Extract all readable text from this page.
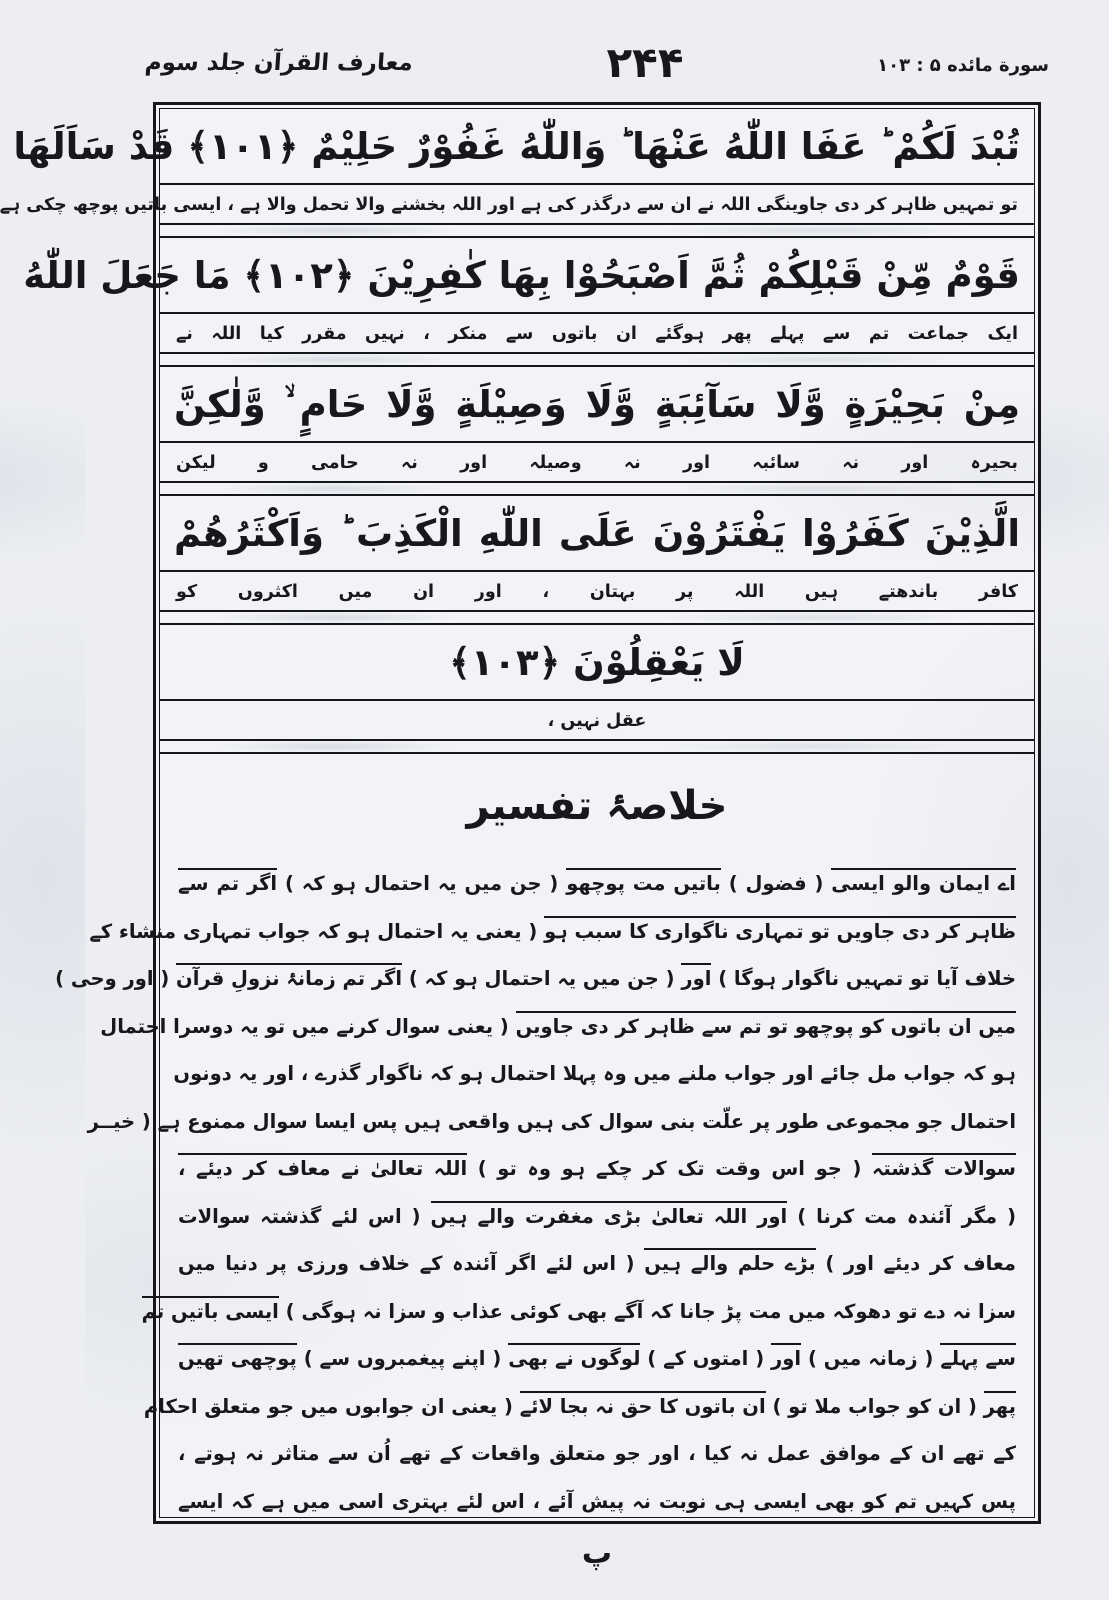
سورة مائده ۵ : ۱۰۳
۲۴۴
معارف القرآن جلد سوم
تُبْدَ لَكُمْ ؕ عَفَا اللّٰهُ عَنْهَا ؕ وَاللّٰهُ غَفُوْرٌ حَلِيْمٌ ﴿۱۰۱﴾ قَدْ سَاَلَهَا
تو تمہیں ظاہر کر دی جاوینگی اللہ نے ان سے درگذر کی ہے اور اللہ بخشنے والا تحمل والا ہے ، ایسی باتیں پوچھ چکی ہے
قَوْمٌ مِّنْ قَبْلِكُمْ ثُمَّ اَصْبَحُوْا بِهَا كٰفِرِيْنَ ﴿۱۰۲﴾ مَا جَعَلَ اللّٰهُ
ایک جماعت تم سے پہلے پھر ہوگئے ان باتوں سے منکر ، نہیں مقرر کیا اللہ نے
مِنْ بَحِيْرَةٍ وَّلَا سَآئِبَةٍ وَّلَا وَصِيْلَةٍ وَّلَا حَامٍ ۙ وَّلٰكِنَّ
بحیرہ اور نہ سائبہ اور نہ وصیلہ اور نہ حامی و لیکن
الَّذِيْنَ كَفَرُوْا يَفْتَرُوْنَ عَلَى اللّٰهِ الْكَذِبَ ؕ وَاَكْثَرُهُمْ
کافر باندھتے ہیں اللہ پر بہتان ، اور ان میں اکثروں کو
لَا يَعْقِلُوْنَ ﴿۱۰۳﴾
عقل نہیں ،
خلاصۂ تفسیر
اے ایمان والو ایسی ( فضول ) باتیں مت پوچھو ( جن میں یہ احتمال ہو کہ ) اگر تم سے
ظاہر کر دی جاویں تو تمہاری ناگواری کا سبب ہو ( یعنی یہ احتمال ہو کہ جواب تمہاری منشاء کے
خلاف آیا تو تمہیں ناگوار ہوگا ) اور ( جن میں یہ احتمال ہو کہ ) اگر تم زمانۂ نزولِ قرآن ( اور وحی )
میں ان باتوں کو پوچھو تو تم سے ظاہر کر دی جاویں ( یعنی سوال کرنے میں تو یہ دوسرا احتمال
ہو کہ جواب مل جائے اور جواب ملنے میں وہ پہلا احتمال ہو کہ ناگوار گذرے ، اور یہ دونوں
احتمال جو مجموعی طور پر علّت بنی سوال کی ہیں واقعی ہیں پس ایسا سوال ممنوع ہے ( خیــر
سوالات گذشتہ ( جو اس وقت تک کر چکے ہو وہ تو ) اللہ تعالیٰ نے معاف کر دیئے ،
( مگر آئندہ مت کرنا ) اور اللہ تعالیٰ بڑی مغفرت والے ہیں ( اس لئے گذشتہ سوالات
معاف کر دیئے اور ) بڑے حلم والے ہیں ( اس لئے اگر آئندہ کے خلاف ورزی پر دنیا میں
سزا نہ دے تو دھوکہ میں مت پڑ جانا کہ آگے بھی کوئی عذاب و سزا نہ ہوگی ) ایسی باتیں تم
سے پہلے ( زمانہ میں ) اور ( امتوں کے ) لوگوں نے بھی ( اپنے پیغمبروں سے ) پوچھی تھیں
پھر ( ان کو جواب ملا تو ) ان باتوں کا حق نہ بجا لائے ( یعنی ان جوابوں میں جو متعلق احکام
کے تھے ان کے موافق عمل نہ کیا ، اور جو متعلق واقعات کے تھے اُن سے متاثر نہ ہوتے ،
پس کہیں تم کو بھی ایسی ہی نوبت نہ پیش آئے ، اس لئے بہتری اسی میں ہے کہ ایسے
پ
